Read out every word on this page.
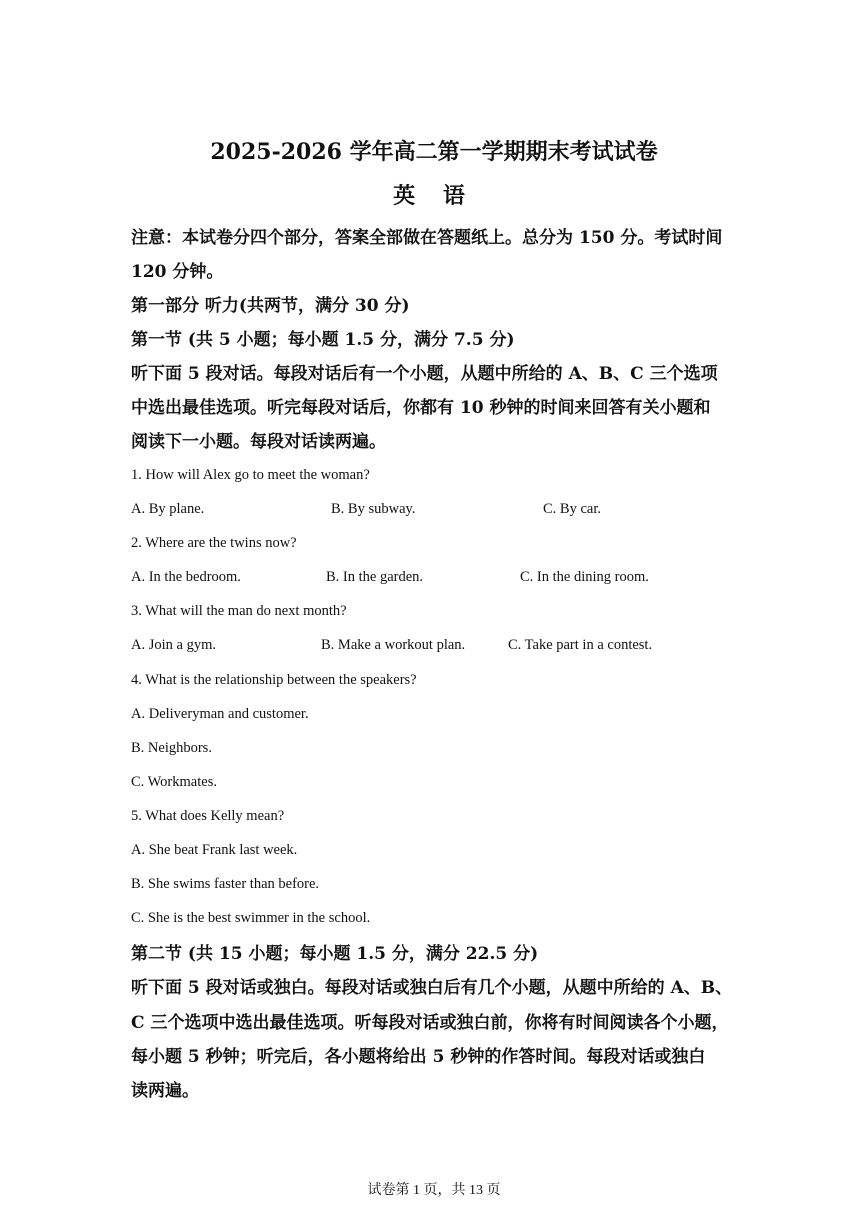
2025-2026 学年高二第一学期期末考试试卷
英 语
注意：本试卷分四个部分，答案全部做在答题纸上。总分为 150 分。考试时间
120 分钟。
第一部分 听力(共两节，满分 30 分)
第一节 (共 5 小题；每小题 1.5 分，满分 7.5 分)
听下面 5 段对话。每段对话后有一个小题，从题中所给的 A、B、C 三个选项
中选出最佳选项。听完每段对话后，你都有 10 秒钟的时间来回答有关小题和
阅读下一小题。每段对话读两遍。
1. How will Alex go to meet the woman?
A. By plane.	B. By subway.	C. By car.
2. Where are the twins now?
A. In the bedroom.	B. In the garden.	C. In the dining room.
3. What will the man do next month?
A. Join a gym.	B. Make a workout plan.	C. Take part in a contest.
4. What is the relationship between the speakers?
A. Deliveryman and customer.
B. Neighbors.
C. Workmates.
5. What does Kelly mean?
A. She beat Frank last week.
B. She swims faster than before.
C. She is the best swimmer in the school.
第二节 (共 15 小题；每小题 1.5 分，满分 22.5 分)
听下面 5 段对话或独白。每段对话或独白后有几个小题，从题中所给的 A、B、
C 三个选项中选出最佳选项。听每段对话或独白前，你将有时间阅读各个小题，
每小题 5 秒钟；听完后，各小题将给出 5 秒钟的作答时间。每段对话或独白
读两遍。
试卷第 1 页，共 13 页
